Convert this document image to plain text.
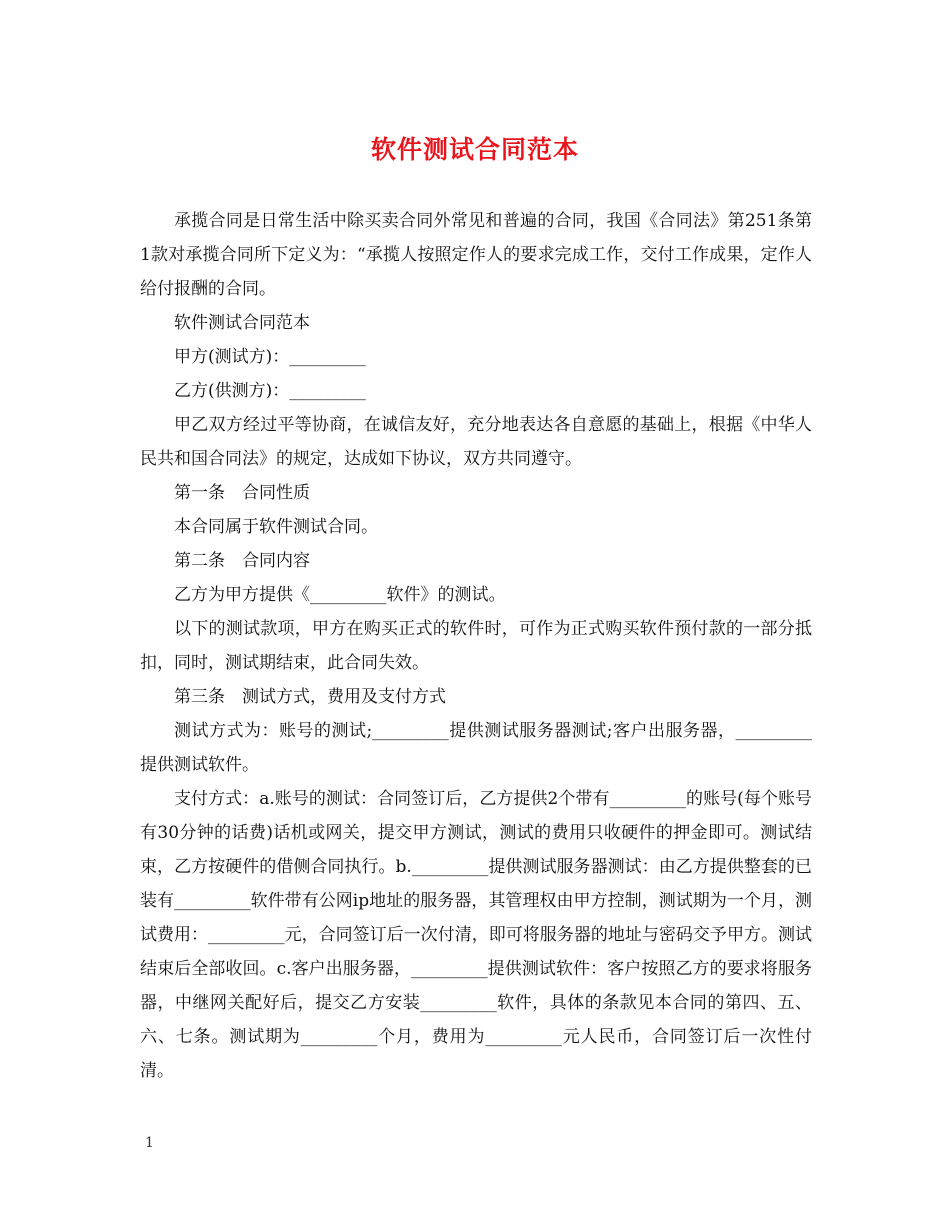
软件测试合同范本

承揽合同是日常生活中除买卖合同外常见和普遍的合同，我国《合同法》第251条第1款对承揽合同所下定义为：“承揽人按照定作人的要求完成工作，交付工作成果，定作人给付报酬的合同。

软件测试合同范本

甲方(测试方)：_________

乙方(供测方)：_________

甲乙双方经过平等协商，在诚信友好，充分地表达各自意愿的基础上，根据《中华人民共和国合同法》的规定，达成如下协议，双方共同遵守。

第一条　合同性质

本合同属于软件测试合同。

第二条　合同内容

乙方为甲方提供《_________软件》的测试。

以下的测试款项，甲方在购买正式的软件时，可作为正式购买软件预付款的一部分抵扣，同时，测试期结束，此合同失效。

第三条　测试方式，费用及支付方式

测试方式为：账号的测试;_________提供测试服务器测试;客户出服务器，_________提供测试软件。

支付方式：a.账号的测试：合同签订后，乙方提供2个带有_________的账号(每个账号有30分钟的话费)话机或网关，提交甲方测试，测试的费用只收硬件的押金即可。测试结束，乙方按硬件的借侧合同执行。b._________提供测试服务器测试：由乙方提供整套的已装有_________软件带有公网ip地址的服务器，其管理权由甲方控制，测试期为一个月，测试费用：_________元，合同签订后一次付清，即可将服务器的地址与密码交予甲方。测试结束后全部收回。c.客户出服务器，_________提供测试软件：客户按照乙方的要求将服务器，中继网关配好后，提交乙方安装_________软件，具体的条款见本合同的第四、五、六、七条。测试期为_________个月，费用为_________元人民币，合同签订后一次性付清。

1
